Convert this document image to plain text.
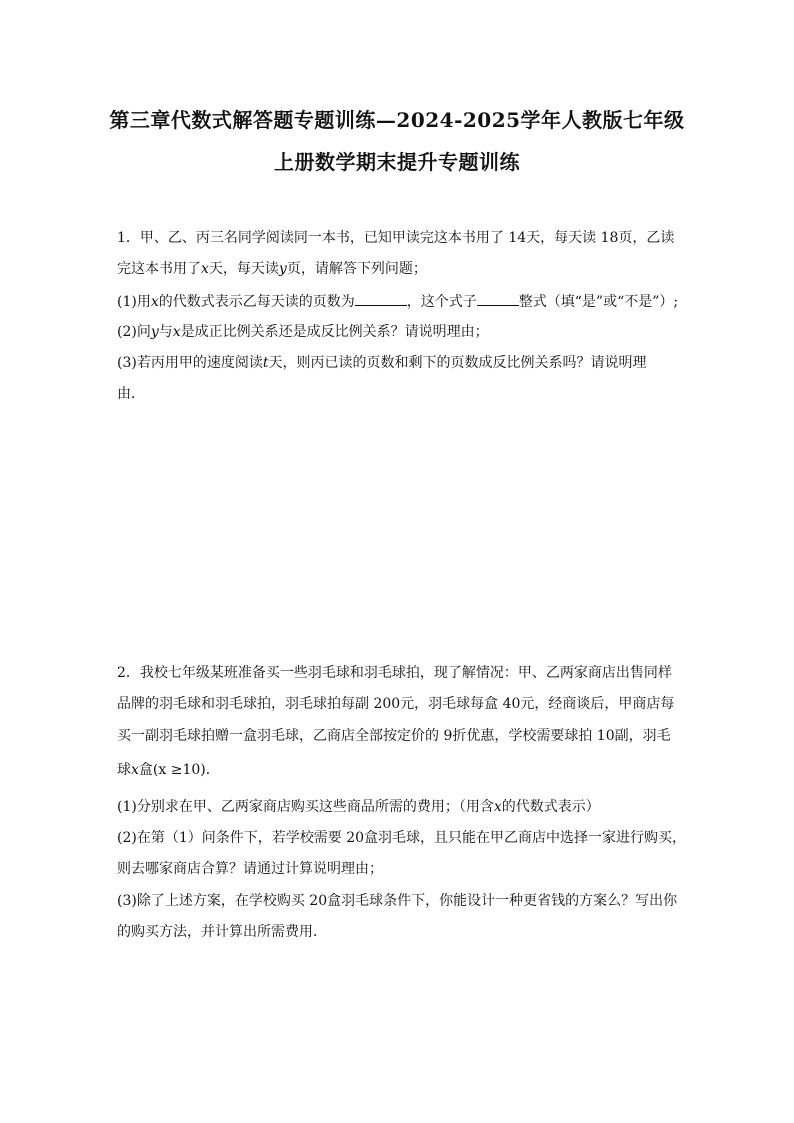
第三章代数式解答题专题训练—2024-2025学年人教版七年级
上册数学期末提升专题训练
1．甲、乙、丙三名同学阅读同一本书，已知甲读完这本书用了 14天，每天读 18页，乙读
完这本书用了x天，每天读y页，请解答下列问题；
(1)用x的代数式表示乙每天读的页数为	，这个式子	整式（填“是”或“不是”）;
(2)问y与x是成正比例关系还是成反比例关系？请说明理由；
(3)若丙用甲的速度阅读t天，则丙已读的页数和剩下的页数成反比例关系吗？请说明理
由．
2．我校七年级某班准备买一些羽毛球和羽毛球拍，现了解情况：甲、乙两家商店出售同样
品牌的羽毛球和羽毛球拍，羽毛球拍每副 200元，羽毛球每盒 40元，经商谈后，甲商店每
买一副羽毛球拍赠一盒羽毛球，乙商店全部按定价的 9折优惠，学校需要球拍 10副，羽毛
球x盒(x ≥10)．
(1)分别求在甲、乙两家商店购买这些商品所需的费用；（用含x的代数式表示）
(2)在第（1）问条件下，若学校需要 20盒羽毛球，且只能在甲乙商店中选择一家进行购买，
则去哪家商店合算？请通过计算说明理由；
(3)除了上述方案，在学校购买 20盒羽毛球条件下，你能设计一种更省钱的方案么？写出你
的购买方法，并计算出所需费用．
